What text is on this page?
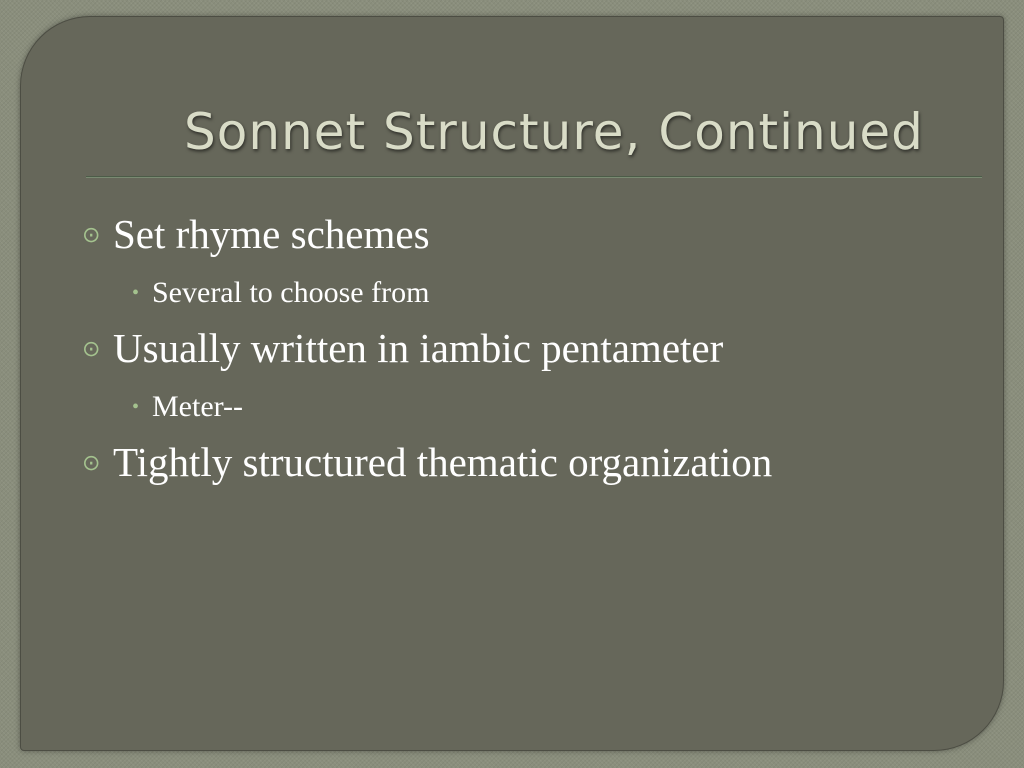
Sonnet Structure, Continued
⊙ Set rhyme schemes
• Several to choose from
⊙ Usually written in iambic pentameter
• Meter--
⊙ Tightly structured thematic organization
